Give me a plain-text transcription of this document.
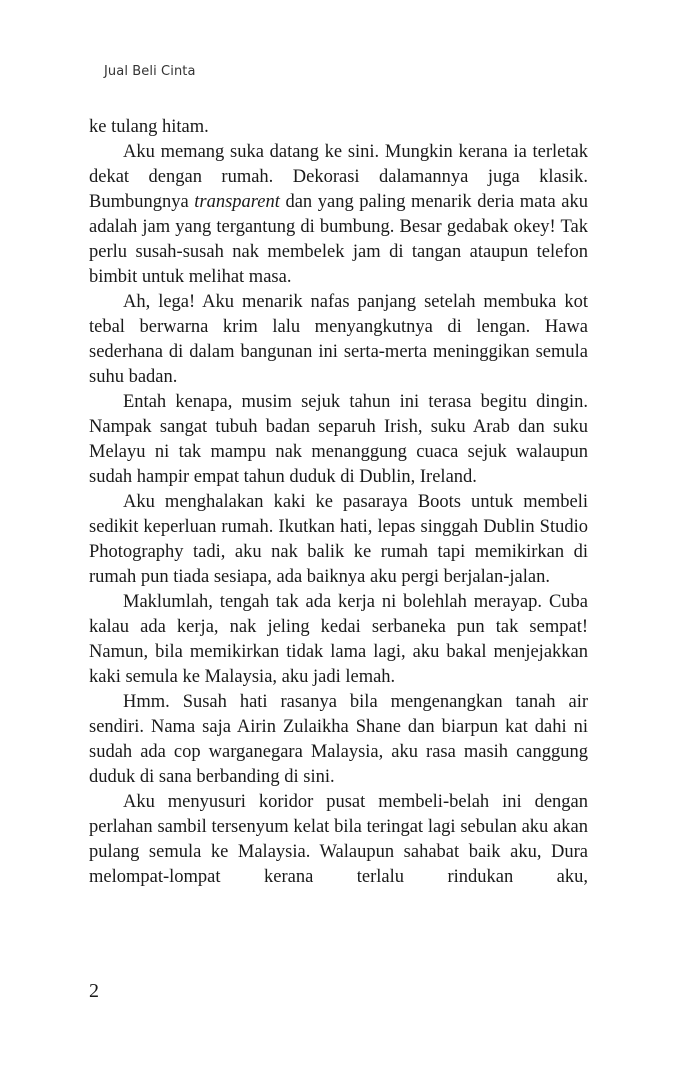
Jual Beli Cinta

ke tulang hitam.

Aku memang suka datang ke sini. Mungkin kerana ia terletak dekat dengan rumah. Dekorasi dalamannya juga klasik. Bumbungnya transparent dan yang paling menarik deria mata aku adalah jam yang tergantung di bumbung. Besar gedabak okey! Tak perlu susah-susah nak membelek jam di tangan ataupun telefon bimbit untuk melihat masa.

Ah, lega! Aku menarik nafas panjang setelah membuka kot tebal berwarna krim lalu menyangkutnya di lengan. Hawa sederhana di dalam bangunan ini serta-merta meninggikan semula suhu badan.

Entah kenapa, musim sejuk tahun ini terasa begitu dingin. Nampak sangat tubuh badan separuh Irish, suku Arab dan suku Melayu ni tak mampu nak menanggung cuaca sejuk walaupun sudah hampir empat tahun duduk di Dublin, Ireland.

Aku menghalakan kaki ke pasaraya Boots untuk membeli sedikit keperluan rumah. Ikutkan hati, lepas singgah Dublin Studio Photography tadi, aku nak balik ke rumah tapi memikirkan di rumah pun tiada sesiapa, ada baiknya aku pergi berjalan-jalan.

Maklumlah, tengah tak ada kerja ni bolehlah merayap. Cuba kalau ada kerja, nak jeling kedai serbaneka pun tak sempat! Namun, bila memikirkan tidak lama lagi, aku bakal menjejakkan kaki semula ke Malaysia, aku jadi lemah.

Hmm. Susah hati rasanya bila mengenangkan tanah air sendiri. Nama saja Airin Zulaikha Shane dan biarpun kat dahi ni sudah ada cop warganegara Malaysia, aku rasa masih canggung duduk di sana berbanding di sini.

Aku menyusuri koridor pusat membeli-belah ini dengan perlahan sambil tersenyum kelat bila teringat lagi sebulan aku akan pulang semula ke Malaysia. Walaupun sahabat baik aku, Dura melompat-lompat kerana terlalu rindukan aku,

2
